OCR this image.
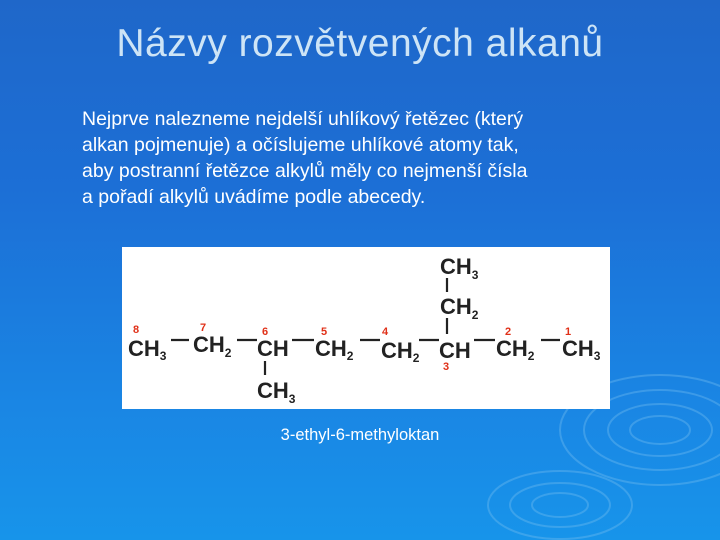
Názvy rozvětvených alkanů
Nejprve nalezneme nejdelší uhlíkový řetězec (který
alkan pojmenuje) a očíslujeme uhlíkové atomy tak,
aby postranní řetězce alkylů měly co nejmenší čísla
a pořadí alkylů uvádíme podle abecedy.
8	7	6	5	4
3
2	1
CH3 $CH_2$ CH CH2 CH2 CH CH2 CH3
$CH_3$
$CH_2$
$CH_3$
3-ethyl-6-methyloktan
